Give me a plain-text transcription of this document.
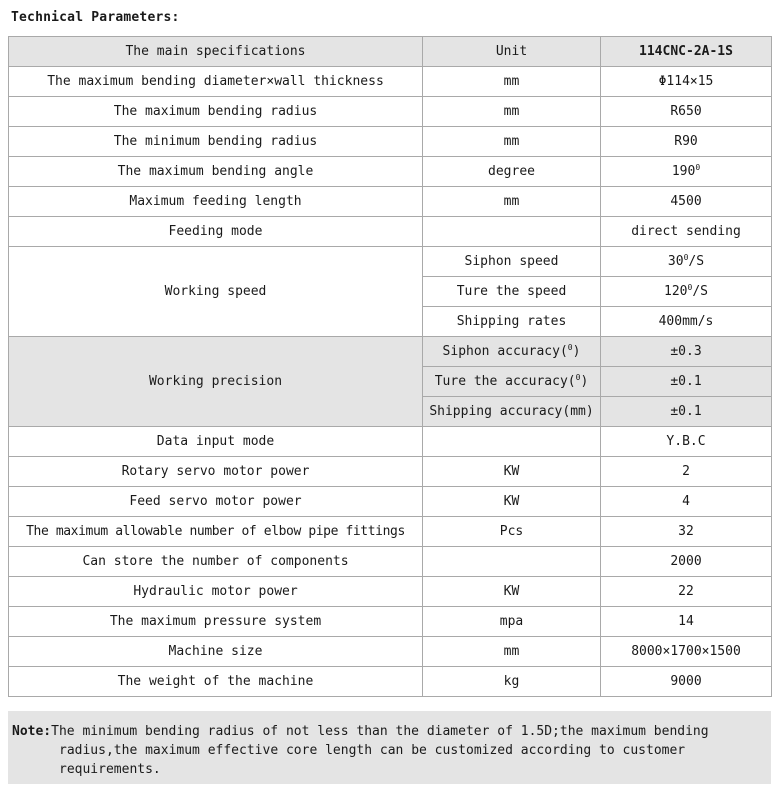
Technical Parameters:
The main specifications	Unit	114CNC-2A-1S
The maximum bending diameter×wall thickness	mm	Φ114×15
The maximum bending radius	mm	R650
The minimum bending radius	mm	R90
The maximum bending angle	degree	$190^0$
Maximum feeding length	mm	4500
Feeding mode		direct sending
Working speed	Siphon speed	$30^0/S$
	Ture the speed	$120^0/S$
	Shipping rates	400mm/s
Working precision	Siphon accuracy($^0$)	±0.3
	Ture the accuracy($^0$)	±0.1
	Shipping accuracy(mm)	±0.1
Data input mode		Y.B.C
Rotary servo motor power	KW	2
Feed servo motor power	KW	4
The maximum allowable number of elbow pipe fittings	Pcs	32
Can store the number of components		2000
Hydraulic motor power	KW	22
The maximum pressure system	mpa	14
Machine size	mm	8000×1700×1500
The weight of the machine	kg	9000
Note:The minimum bending radius of not less than the diameter of 1.5D;the maximum bending radius,the maximum effective core length can be customized according to customer requirements.
